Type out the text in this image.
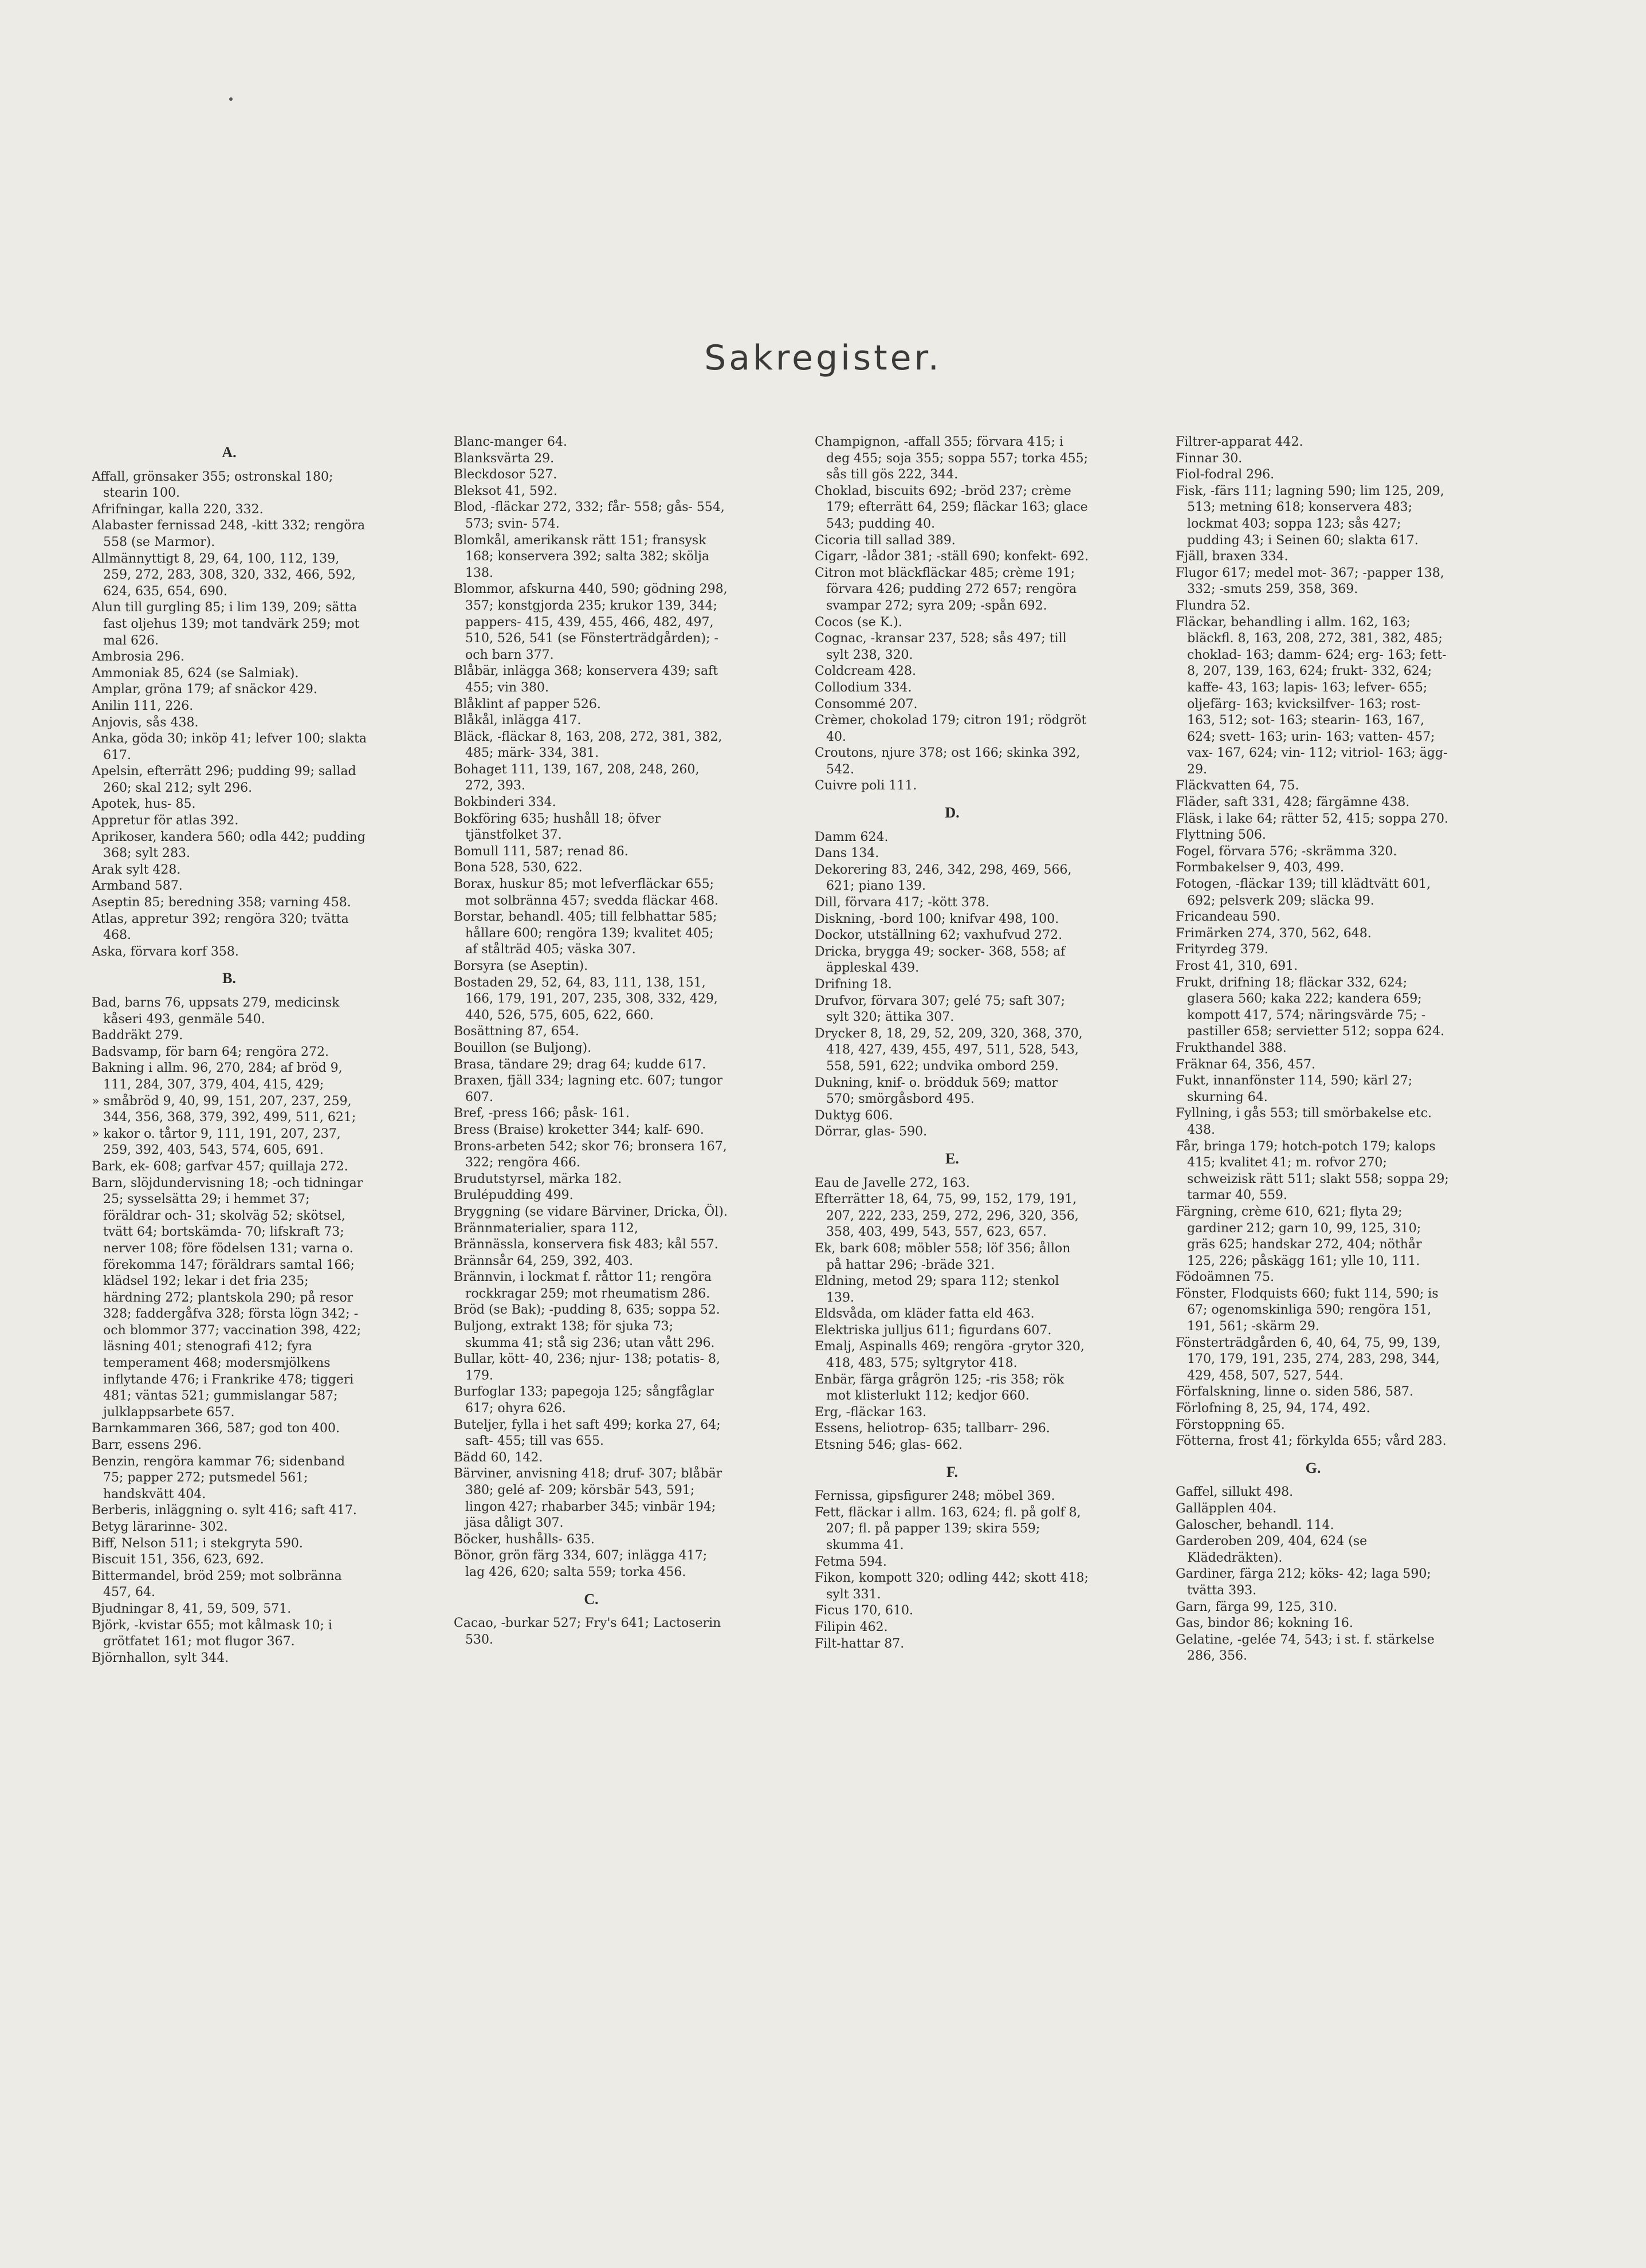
Sakregister.
A.

Affall, grönsaker 355; ostronskal 180; stearin 100.

Afrifningar, kalla 220, 332.

Alabaster fernissad 248, -kitt 332; rengöra 558 (se Marmor).

Allmännyttigt 8, 29, 64, 100, 112, 139, 259, 272, 283, 308, 320, 332, 466, 592, 624, 635, 654, 690.

Alun till gurgling 85; i lim 139, 209; sätta fast oljehus 139; mot tandvärk 259; mot mal 626.

Ambrosia 296.

Ammoniak 85, 624 (se Salmiak).

Amplar, gröna 179; af snäckor 429.

Anilin 111, 226.

Anjovis, sås 438.

Anka, göda 30; inköp 41; lefver 100; slakta 617.

Apelsin, efterrätt 296; pudding 99; sallad 260; skal 212; sylt 296.

Apotek, hus- 85.

Appretur för atlas 392.

Aprikoser, kandera 560; odla 442; pudding 368; sylt 283.

Arak sylt 428.

Armband 587.

Aseptin 85; beredning 358; varning 458.

Atlas, appretur 392; rengöra 320; tvätta 468.

Aska, förvara korf 358.

B.

Bad, barns 76, uppsats 279, medicinsk kåseri 493, genmäle 540.

Baddräkt 279.

Badsvamp, för barn 64; rengöra 272.

Bakning i allm. 96, 270, 284; af bröd 9, 111, 284, 307, 379, 404, 415, 429;

» småbröd 9, 40, 99, 151, 207, 237, 259, 344, 356, 368, 379, 392, 499, 511, 621;

» kakor o. tårtor 9, 111, 191, 207, 237, 259, 392, 403, 543, 574, 605, 691.

Bark, ek- 608; garfvar 457; quillaja 272.

Barn, slöjdundervisning 18; -och tidningar 25; sysselsätta 29; i hemmet 37; föräldrar och- 31; skolväg 52; skötsel, tvätt 64; bortskämda- 70; lifskraft 73; nerver 108; före födelsen 131; varna o. förekomma 147; föräldrars samtal 166; klädsel 192; lekar i det fria 235; härdning 272; plantskola 290; på resor 328; faddergåfva 328; första lögn 342; -och blommor 377; vaccination 398, 422; läsning 401; stenografi 412; fyra temperament 468; modersmjölkens inflytande 476; i Frankrike 478; tiggeri 481; väntas 521; gummislangar 587; julklappsarbete 657.

Barnkammaren 366, 587; god ton 400.

Barr, essens 296.

Benzin, rengöra kammar 76; sidenband 75; papper 272; putsmedel 561; handskvätt 404.

Berberis, inläggning o. sylt 416; saft 417.

Betyg lärarinne- 302.

Biff, Nelson 511; i stekgryta 590.

Biscuit 151, 356, 623, 692.

Bittermandel, bröd 259; mot solbränna 457, 64.

Bjudningar 8, 41, 59, 509, 571.

Björk, -kvistar 655; mot kålmask 10; i grötfatet 161; mot flugor 367.

Björnhallon, sylt 344.

Blanc-manger 64.

Blanksvärta 29.

Bleckdosor 527.

Bleksot 41, 592.

Blod, -fläckar 272, 332; får- 558; gås- 554, 573; svin- 574.

Blomkål, amerikansk rätt 151; fransysk 168; konservera 392; salta 382; skölja 138.

Blommor, afskurna 440, 590; gödning 298, 357; konstgjorda 235; krukor 139, 344; pappers- 415, 439, 455, 466, 482, 497, 510, 526, 541 (se Fönsterträdgården); -och barn 377.

Blåbär, inlägga 368; konservera 439; saft 455; vin 380.

Blåklint af papper 526.

Blåkål, inlägga 417.

Bläck, -fläckar 8, 163, 208, 272, 381, 382, 485; märk- 334, 381.

Bohaget 111, 139, 167, 208, 248, 260, 272, 393.

Bokbinderi 334.

Bokföring 635; hushåll 18; öfver tjänstfolket 37.

Bomull 111, 587; renad 86.

Bona 528, 530, 622.

Borax, huskur 85; mot lefverfläckar 655; mot solbränna 457; svedda fläckar 468.

Borstar, behandl. 405; till felbhattar 585; hållare 600; rengöra 139; kvalitet 405; af stålträd 405; väska 307.

Borsyra (se Aseptin).

Bostaden 29, 52, 64, 83, 111, 138, 151, 166, 179, 191, 207, 235, 308, 332, 429, 440, 526, 575, 605, 622, 660.

Bosättning 87, 654.

Bouillon (se Buljong).

Brasa, tändare 29; drag 64; kudde 617.

Braxen, fjäll 334; lagning etc. 607; tungor 607.

Bref, -press 166; påsk- 161.

Bress (Braise) kroketter 344; kalf- 690.

Brons-arbeten 542; skor 76; bronsera 167, 322; rengöra 466.

Brudutstyrsel, märka 182.

Brulépudding 499.

Bryggning (se vidare Bärviner, Dricka, Öl).

Brännmaterialier, spara 112,

Brännässla, konservera fisk 483; kål 557.

Brännsår 64, 259, 392, 403.

Brännvin, i lockmat f. råttor 11; rengöra rockkragar 259; mot rheumatism 286.

Bröd (se Bak); -pudding 8, 635; soppa 52.

Buljong, extrakt 138; för sjuka 73; skumma 41; stå sig 236; utan vått 296.

Bullar, kött- 40, 236; njur- 138; potatis- 8, 179.

Burfoglar 133; papegoja 125; sångfåglar 617; ohyra 626.

Buteljer, fylla i het saft 499; korka 27, 64; saft- 455; till vas 655.

Bädd 60, 142.

Bärviner, anvisning 418; druf- 307; blåbär 380; gelé af- 209; körsbär 543, 591; lingon 427; rhabarber 345; vinbär 194; jäsa dåligt 307.

Böcker, hushålls- 635.

Bönor, grön färg 334, 607; inlägga 417; lag 426, 620; salta 559; torka 456.

C.

Cacao, -burkar 527; Fry's 641; Lactoserin 530.

Champignon, -affall 355; förvara 415; i deg 455; soja 355; soppa 557; torka 455; sås till gös 222, 344.

Choklad, biscuits 692; -bröd 237; crème 179; efterrätt 64, 259; fläckar 163; glace 543; pudding 40.

Cicoria till sallad 389.

Cigarr, -lådor 381; -ställ 690; konfekt- 692.

Citron mot bläckfläckar 485; crème 191; förvara 426; pudding 272 657; rengöra svampar 272; syra 209; -spån 692.

Cocos (se K.).

Cognac, -kransar 237, 528; sås 497; till sylt 238, 320.

Coldcream 428.

Collodium 334.

Consommé 207.

Crèmer, chokolad 179; citron 191; rödgröt 40.

Croutons, njure 378; ost 166; skinka 392, 542.

Cuivre poli 111.

D.

Damm 624.

Dans 134.

Dekorering 83, 246, 342, 298, 469, 566, 621; piano 139.

Dill, förvara 417; -kött 378.

Diskning, -bord 100; knifvar 498, 100.

Dockor, utställning 62; vaxhufvud 272.

Dricka, brygga 49; socker- 368, 558; af äppleskal 439.

Drifning 18.

Drufvor, förvara 307; gelé 75; saft 307; sylt 320; ättika 307.

Drycker 8, 18, 29, 52, 209, 320, 368, 370, 418, 427, 439, 455, 497, 511, 528, 543, 558, 591, 622; undvika ombord 259.

Dukning, knif- o. brödduk 569; mattor 570; smörgåsbord 495.

Duktyg 606.

Dörrar, glas- 590.

E.

Eau de Javelle 272, 163.

Efterrätter 18, 64, 75, 99, 152, 179, 191, 207, 222, 233, 259, 272, 296, 320, 356, 358, 403, 499, 543, 557, 623, 657.

Ek, bark 608; möbler 558; löf 356; ållon på hattar 296; -bräde 321.

Eldning, metod 29; spara 112; stenkol 139.

Eldsvåda, om kläder fatta eld 463.

Elektriska julljus 611; figurdans 607.

Emalj, Aspinalls 469; rengöra -grytor 320, 418, 483, 575; syltgrytor 418.

Enbär, färga grågrön 125; -ris 358; rök mot klisterlukt 112; kedjor 660.

Erg, -fläckar 163.

Essens, heliotrop- 635; tallbarr- 296.

Etsning 546; glas- 662.

F.

Fernissa, gipsfigurer 248; möbel 369.

Fett, fläckar i allm. 163, 624; fl. på golf 8, 207; fl. på papper 139; skira 559; skumma 41.

Fetma 594.

Fikon, kompott 320; odling 442; skott 418; sylt 331.

Ficus 170, 610.

Filipin 462.

Filt-hattar 87.

Filtrer-apparat 442.

Finnar 30.

Fiol-fodral 296.

Fisk, -färs 111; lagning 590; lim 125, 209, 513; metning 618; konservera 483; lockmat 403; soppa 123; sås 427; pudding 43; i Seinen 60; slakta 617.

Fjäll, braxen 334.

Flugor 617; medel mot- 367; -papper 138, 332; -smuts 259, 358, 369.

Flundra 52.

Fläckar, behandling i allm. 162, 163; bläckfl. 8, 163, 208, 272, 381, 382, 485; choklad- 163; damm- 624; erg- 163; fett- 8, 207, 139, 163, 624; frukt- 332, 624; kaffe- 43, 163; lapis- 163; lefver- 655; oljefärg- 163; kvicksilfver- 163; rost- 163, 512; sot- 163; stearin- 163, 167, 624; svett- 163; urin- 163; vatten- 457; vax- 167, 624; vin- 112; vitriol- 163; ägg- 29.

Fläckvatten 64, 75.

Fläder, saft 331, 428; färgämne 438.

Fläsk, i lake 64; rätter 52, 415; soppa 270.

Flyttning 506.

Fogel, förvara 576; -skrämma 320.

Formbakelser 9, 403, 499.

Fotogen, -fläckar 139; till klädtvätt 601, 692; pelsverk 209; släcka 99.

Fricandeau 590.

Frimärken 274, 370, 562, 648.

Frityrdeg 379.

Frost 41, 310, 691.

Frukt, drifning 18; fläckar 332, 624; glasera 560; kaka 222; kandera 659; kompott 417, 574; näringsvärde 75; -pastiller 658; servietter 512; soppa 624.

Frukthandel 388.

Fräknar 64, 356, 457.

Fukt, innanfönster 114, 590; kärl 27; skurning 64.

Fyllning, i gås 553; till smörbakelse etc. 438.

Får, bringa 179; hotch-potch 179; kalops 415; kvalitet 41; m. rofvor 270; schweizisk rätt 511; slakt 558; soppa 29; tarmar 40, 559.

Färgning, crème 610, 621; flyta 29; gardiner 212; garn 10, 99, 125, 310; gräs 625; handskar 272, 404; nöthår 125, 226; påskägg 161; ylle 10, 111.

Födoämnen 75.

Fönster, Flodquists 660; fukt 114, 590; is 67; ogenomskinliga 590; rengöra 151, 191, 561; -skärm 29.

Fönsterträdgården 6, 40, 64, 75, 99, 139, 170, 179, 191, 235, 274, 283, 298, 344, 429, 458, 507, 527, 544.

Förfalskning, linne o. siden 586, 587.

Förlofning 8, 25, 94, 174, 492.

Förstoppning 65.

Fötterna, frost 41; förkylda 655; vård 283.

G.

Gaffel, sillukt 498.

Galläpplen 404.

Galoscher, behandl. 114.

Garderoben 209, 404, 624 (se Klädedräkten).

Gardiner, färga 212; köks- 42; laga 590; tvätta 393.

Garn, färga 99, 125, 310.

Gas, bindor 86; kokning 16.

Gelatine, -gelée 74, 543; i st. f. stärkelse 286, 356.
